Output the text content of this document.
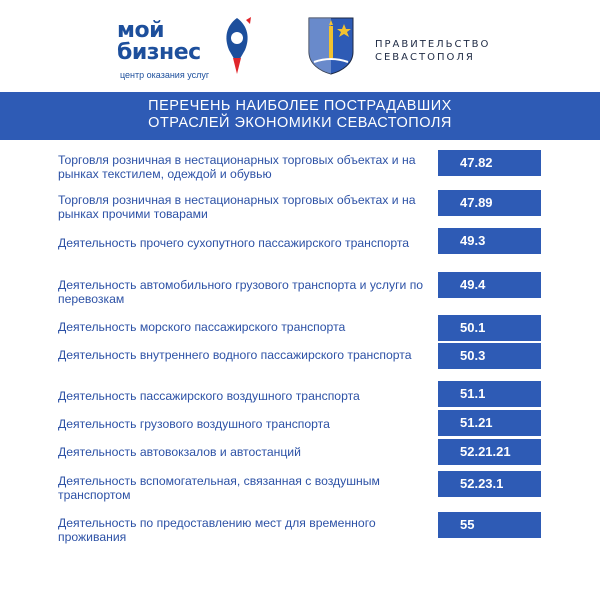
мой
бизнес
центр оказания услуг
ПРАВИТЕЛЬСТВО
СЕВАСТОПОЛЯ
ПЕРЕЧЕНЬ НАИБОЛЕЕ ПОСТРАДАВШИХ
ОТРАСЛЕЙ ЭКОНОМИКИ СЕВАСТОПОЛЯ
Торговля розничная в нестационарных торговых объектах и на рынках текстилем, одеждой и обувью
47.82
Торговля розничная в нестационарных торговых объектах и на рынках прочими товарами
47.89
Деятельность прочего сухопутного пассажирского транспорта	49.3
Деятельность автомобильного грузового транспорта и услуги по перевозкам
49.4
Деятельность морского пассажирского транспорта	50.1
Деятельность внутреннего водного пассажирского транспорта	50.3
Деятельность пассажирского воздушного транспорта	51.1
Деятельность грузового воздушного транспорта	51.21
Деятельность автовокзалов и автостанций	52.21.21
Деятельность вспомогательная, связанная с воздушным транспортом
52.23.1
Деятельность по предоставлению мест для временного проживания
55
